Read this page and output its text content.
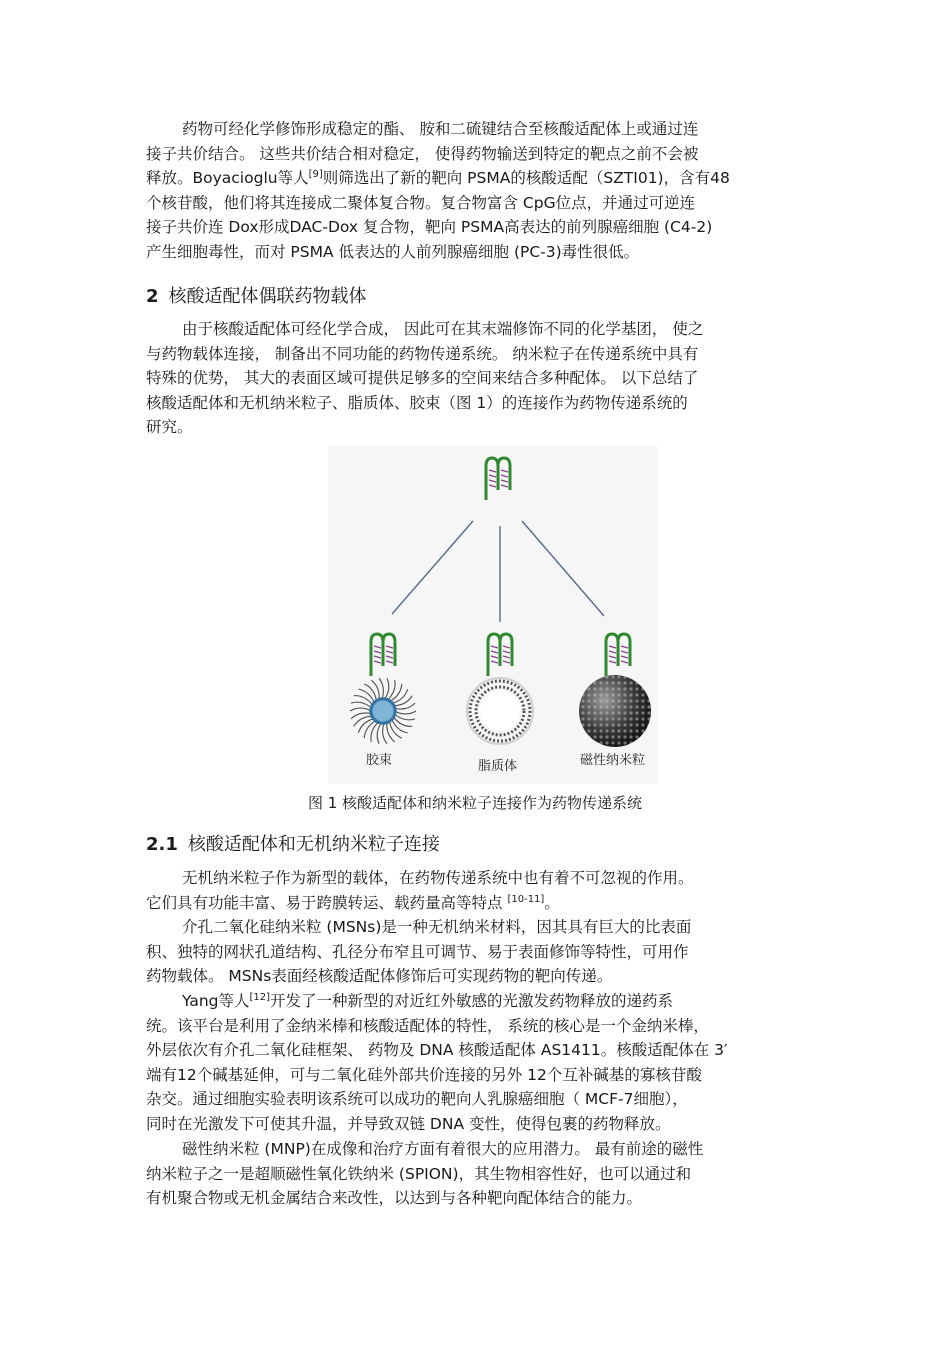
药物可经化学修饰形成稳定的酯、 胺和二硫键结合至核酸适配体上或通过连
接子共价结合。 这些共价结合相对稳定， 使得药物输送到特定的靶点之前不会被
释放。Boyacioglu等人[9]则筛选出了新的靶向 PSMA的核酸适配（SZTI01)，含有48
个核苷酸，他们将其连接成二聚体复合物。复合物富含 CpG位点，并通过可逆连
接子共价连 Dox形成DAC-Dox 复合物，靶向 PSMA高表达的前列腺癌细胞 (C4-2)
产生细胞毒性，而对 PSMA 低表达的人前列腺癌细胞 (PC-3)毒性很低。
2 核酸适配体偶联药物载体
由于核酸适配体可经化学合成， 因此可在其末端修饰不同的化学基团， 使之
与药物载体连接， 制备出不同功能的药物传递系统。 纳米粒子在传递系统中具有
特殊的优势， 其大的表面区域可提供足够多的空间来结合多种配体。 以下总结了
核酸适配体和无机纳米粒子、脂质体、胶束（图 1）的连接作为药物传递系统的
研究。
胶束	脂质体	磁性纳米粒
图 1 核酸适配体和纳米粒子连接作为药物传递系统
2.1 核酸适配体和无机纳米粒子连接
无机纳米粒子作为新型的载体，在药物传递系统中也有着不可忽视的作用。
它们具有功能丰富、易于跨膜转运、载药量高等特点 [10-11]。
介孔二氧化硅纳米粒 (MSNs)是一种无机纳米材料，因其具有巨大的比表面
积、独特的网状孔道结构、孔径分布窄且可调节、易于表面修饰等特性，可用作
药物载体。 MSNs表面经核酸适配体修饰后可实现药物的靶向传递。
Yang等人[12]开发了一种新型的对近红外敏感的光激发药物释放的递药系
统。该平台是利用了金纳米棒和核酸适配体的特性， 系统的核心是一个金纳米棒，
外层依次有介孔二氧化硅框架、 药物及 DNA 核酸适配体 AS1411。核酸适配体在 3′
端有12个碱基延伸，可与二氧化硅外部共价连接的另外 12个互补碱基的寡核苷酸
杂交。通过细胞实验表明该系统可以成功的靶向人乳腺癌细胞（ MCF-7细胞），
同时在光激发下可使其升温，并导致双链 DNA 变性，使得包裹的药物释放。
磁性纳米粒 (MNP)在成像和治疗方面有着很大的应用潜力。 最有前途的磁性
纳米粒子之一是超顺磁性氧化铁纳米 (SPION)，其生物相容性好，也可以通过和
有机聚合物或无机金属结合来改性，以达到与各种靶向配体结合的能力。
